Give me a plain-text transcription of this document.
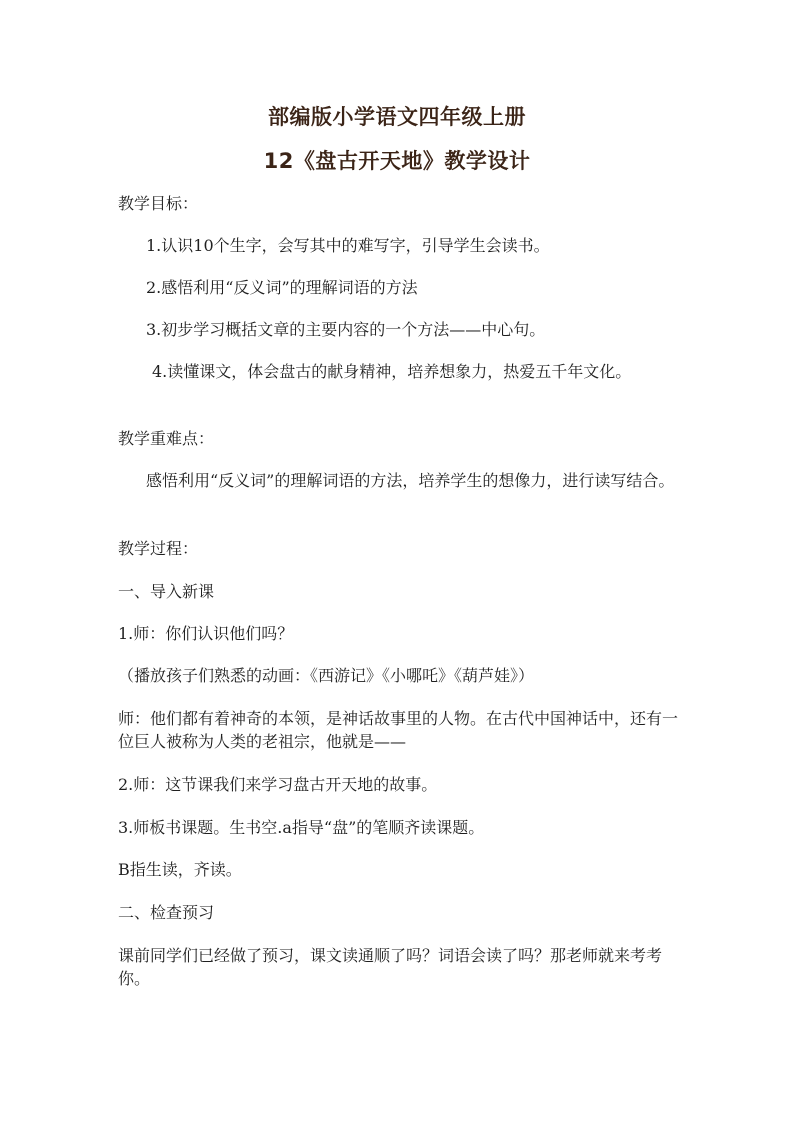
部编版小学语文四年级上册
12《盘古开天地》教学设计
教学目标：
1.认识10个生字，会写其中的难写字，引导学生会读书。
2.感悟利用“反义词”的理解词语的方法
3.初步学习概括文章的主要内容的一个方法——中心句。
4.读懂课文，体会盘古的献身精神，培养想象力，热爱五千年文化。
教学重难点：
感悟利用“反义词”的理解词语的方法，培养学生的想像力，进行读写结合。
教学过程：
一、导入新课
1.师：你们认识他们吗？
（播放孩子们熟悉的动画：《西游记》《小哪吒》《葫芦娃》）
师：他们都有着神奇的本领，是神话故事里的人物。在古代中国神话中，还有一位巨人被称为人类的老祖宗，他就是——
2.师：这节课我们来学习盘古开天地的故事。
3.师板书课题。生书空.a指导“盘”的笔顺齐读课题。
B指生读，齐读。
二、检查预习
课前同学们已经做了预习，课文读通顺了吗？词语会读了吗？那老师就来考考你。
